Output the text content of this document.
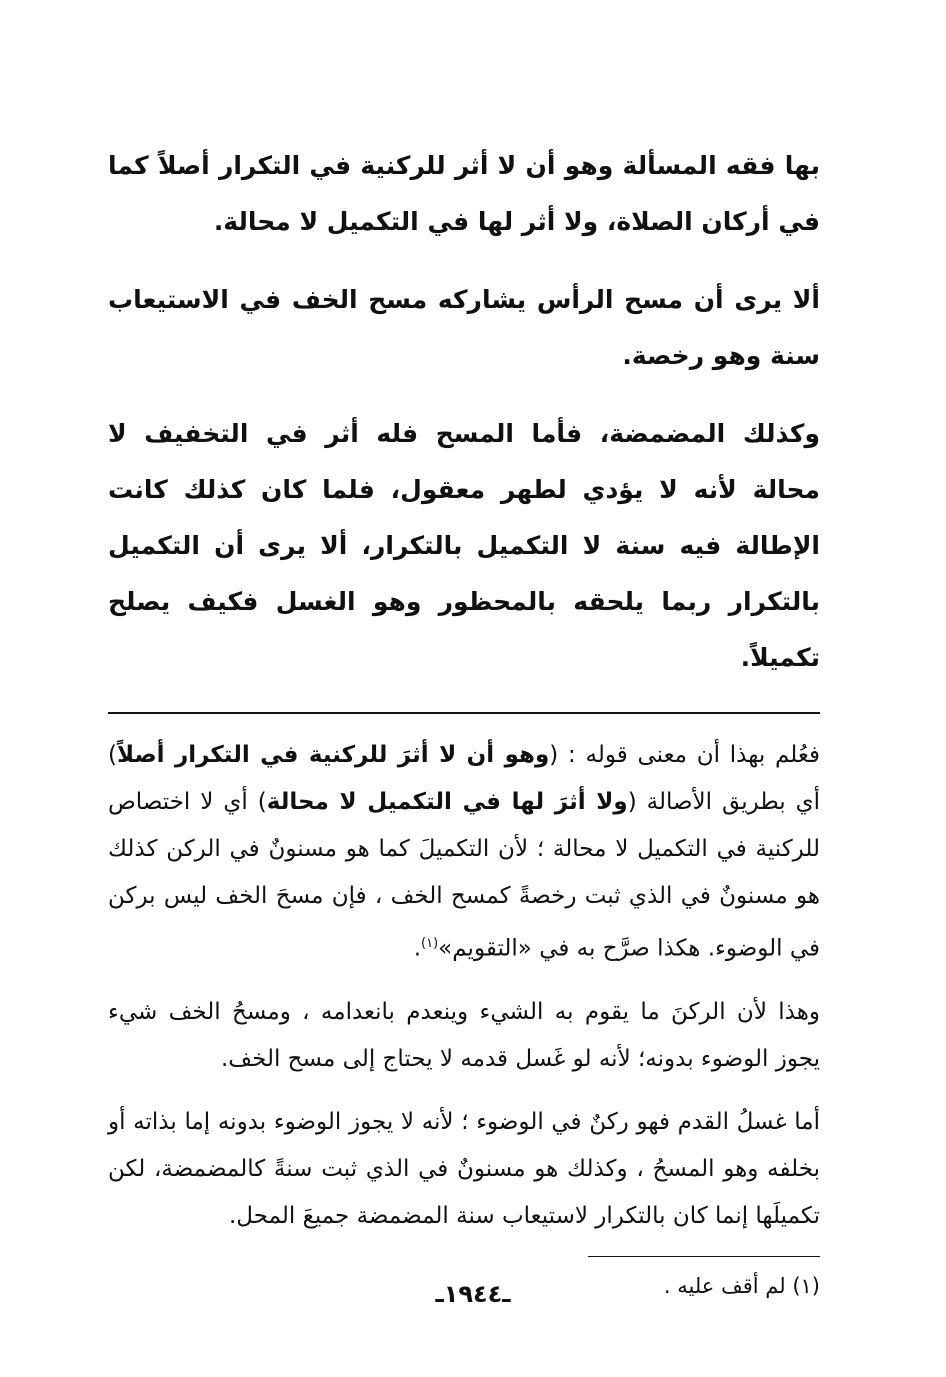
بها فقه المسألة وهو أن لا أثر للركنية في التكرار أصلاً كما في أركان الصلاة، ولا أثر لها في التكميل لا محالة.

ألا يرى أن مسح الرأس يشاركه مسح الخف في الاستيعاب سنة وهو رخصة.

وكذلك المضمضة، فأما المسح فله أثر في التخفيف لا محالة لأنه لا يؤدي لطهر معقول، فلما كان كذلك كانت الإطالة فيه سنة لا التكميل بالتكرار، ألا يرى أن التكميل بالتكرار ربما يلحقه بالمحظور وهو الغسل فكيف يصلح تكميلاً.

فعُلم بهذا أن معنى قوله : (وهو أن لا أثرَ للركنية في التكرار أصلاً) أي بطريق الأصالة (ولا أثرَ لها في التكميل لا محالة) أي لا اختصاص للركنية في التكميل لا محالة ؛ لأن التكميلَ كما هو مسنونٌ في الركن كذلك هو مسنونٌ في الذي ثبت رخصةً كمسح الخف ، فإن مسحَ الخف ليس بركن في الوضوء. هكذا صرَّح به في «التقويم»$^{(١)}$.

وهذا لأن الركنَ ما يقوم به الشيء وينعدم بانعدامه ، ومسحُ الخف شيء يجوز الوضوء بدونه؛ لأنه لو غَسل قدمه لا يحتاج إلى مسح الخف.

أما غسلُ القدم فهو ركنٌ في الوضوء ؛ لأنه لا يجوز الوضوء بدونه إما بذاته أو بخلفه وهو المسحُ ، وكذلك هو مسنونٌ في الذي ثبت سنةً كالمضمضة، لكن تكميلَها إنما كان بالتكرار لاستيعاب سنة المضمضة جميعَ المحل.

(١) لم أقف عليه .

ـ١٩٤٤ـ
